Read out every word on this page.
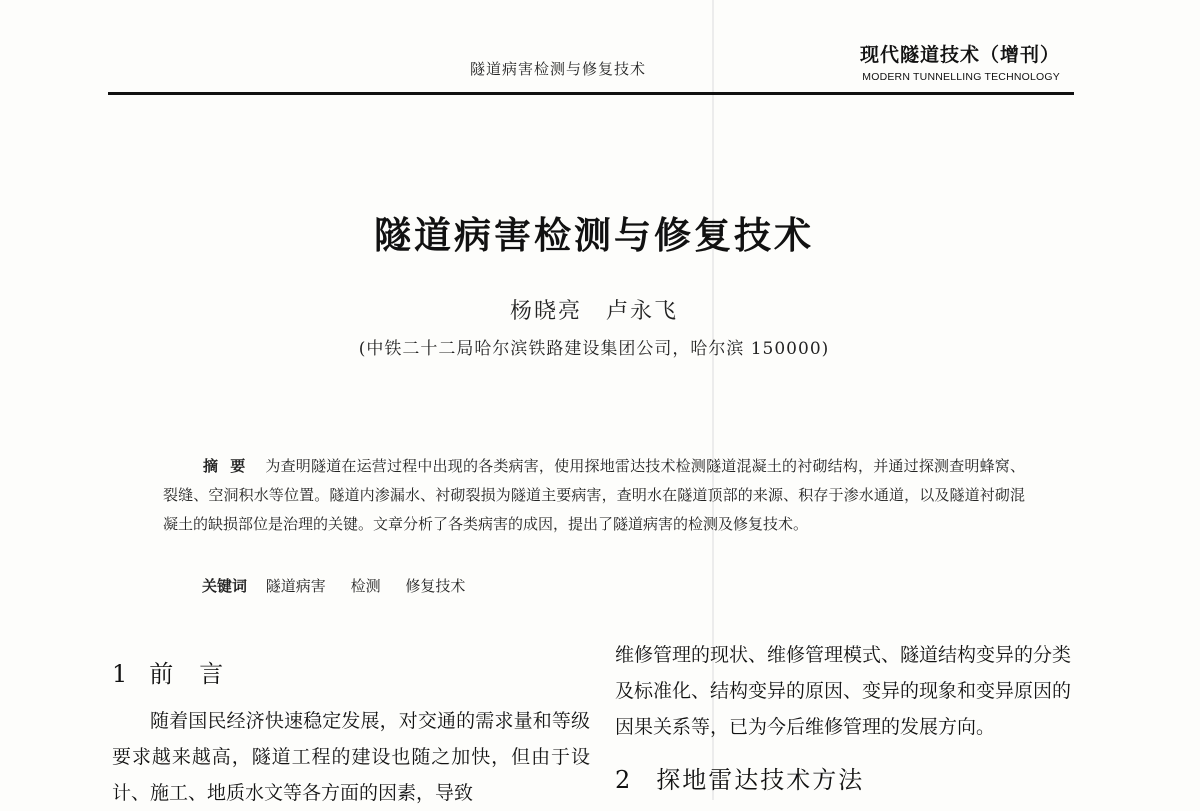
隧道病害检测与修复技术
现代隧道技术（增刊）
MODERN TUNNELLING TECHNOLOGY
隧道病害检测与修复技术
杨晓亮　卢永飞
(中铁二十二局哈尔滨铁路建设集团公司，哈尔滨 150000)
摘要 为查明隧道在运营过程中出现的各类病害，使用探地雷达技术检测隧道混凝土的衬砌结构，并通过探测查明蜂窝、裂缝、空洞积水等位置。隧道内渗漏水、衬砌裂损为隧道主要病害，查明水在隧道顶部的来源、积存于渗水通道，以及隧道衬砌混凝土的缺损部位是治理的关键。文章分析了各类病害的成因，提出了隧道病害的检测及修复技术。
关键词 隧道病害 检测 修复技术
1 前言

随着国民经济快速稳定发展，对交通的需求量和等级要求越来越高，隧道工程的建设也随之加快，但由于设计、施工、地质水文等各方面的因素，导致

维修管理的现状、维修管理模式、隧道结构变异的分类及标准化、结构变异的原因、变异的现象和变异原因的因果关系等，已为今后维修管理的发展方向。

2 探地雷达技术方法
